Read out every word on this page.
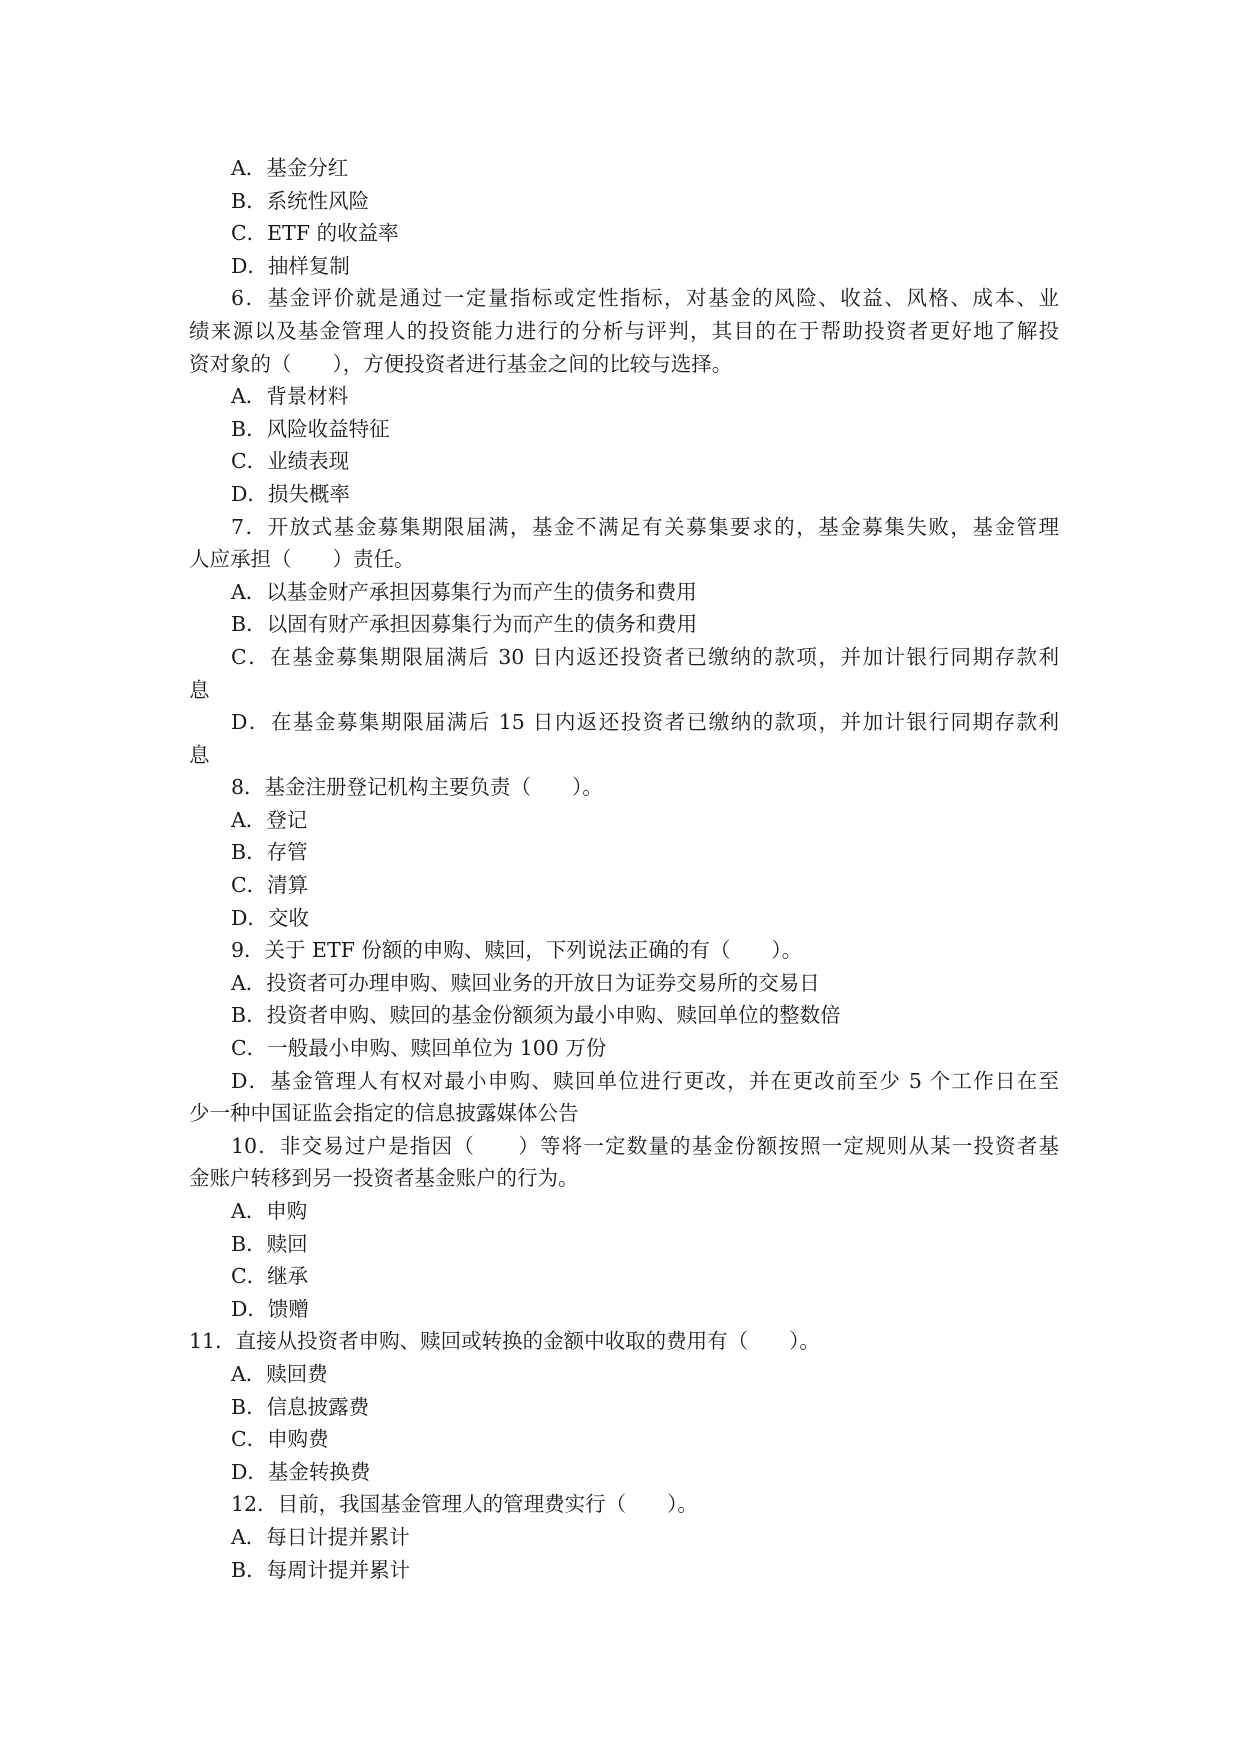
A．基金分红
B．系统性风险
C．ETF 的收益率
D．抽样复制
6．基金评价就是通过一定量指标或定性指标，对基金的风险、收益、风格、成本、业
绩来源以及基金管理人的投资能力进行的分析与评判，其目的在于帮助投资者更好地了解投
资对象的（　　），方便投资者进行基金之间的比较与选择。
A．背景材料
B．风险收益特征
C．业绩表现
D．损失概率
7．开放式基金募集期限届满，基金不满足有关募集要求的，基金募集失败，基金管理
人应承担（　　）责任。
A．以基金财产承担因募集行为而产生的债务和费用
B．以固有财产承担因募集行为而产生的债务和费用
C．在基金募集期限届满后 30 日内返还投资者已缴纳的款项，并加计银行同期存款利
息
D．在基金募集期限届满后 15 日内返还投资者已缴纳的款项，并加计银行同期存款利
息
8．基金注册登记机构主要负责（　　）。
A．登记
B．存管
C．清算
D．交收
9．关于 ETF 份额的申购、赎回，下列说法正确的有（　　）。
A．投资者可办理申购、赎回业务的开放日为证券交易所的交易日
B．投资者申购、赎回的基金份额须为最小申购、赎回单位的整数倍
C．一般最小申购、赎回单位为 100 万份
D．基金管理人有权对最小申购、赎回单位进行更改，并在更改前至少 5 个工作日在至
少一种中国证监会指定的信息披露媒体公告
10．非交易过户是指因（　　）等将一定数量的基金份额按照一定规则从某一投资者基
金账户转移到另一投资者基金账户的行为。
A．申购
B．赎回
C．继承
D．馈赠
11．直接从投资者申购、赎回或转换的金额中收取的费用有（　　）。
A．赎回费
B．信息披露费
C．申购费
D．基金转换费
12．目前，我国基金管理人的管理费实行（　　）。
A．每日计提并累计
B．每周计提并累计
